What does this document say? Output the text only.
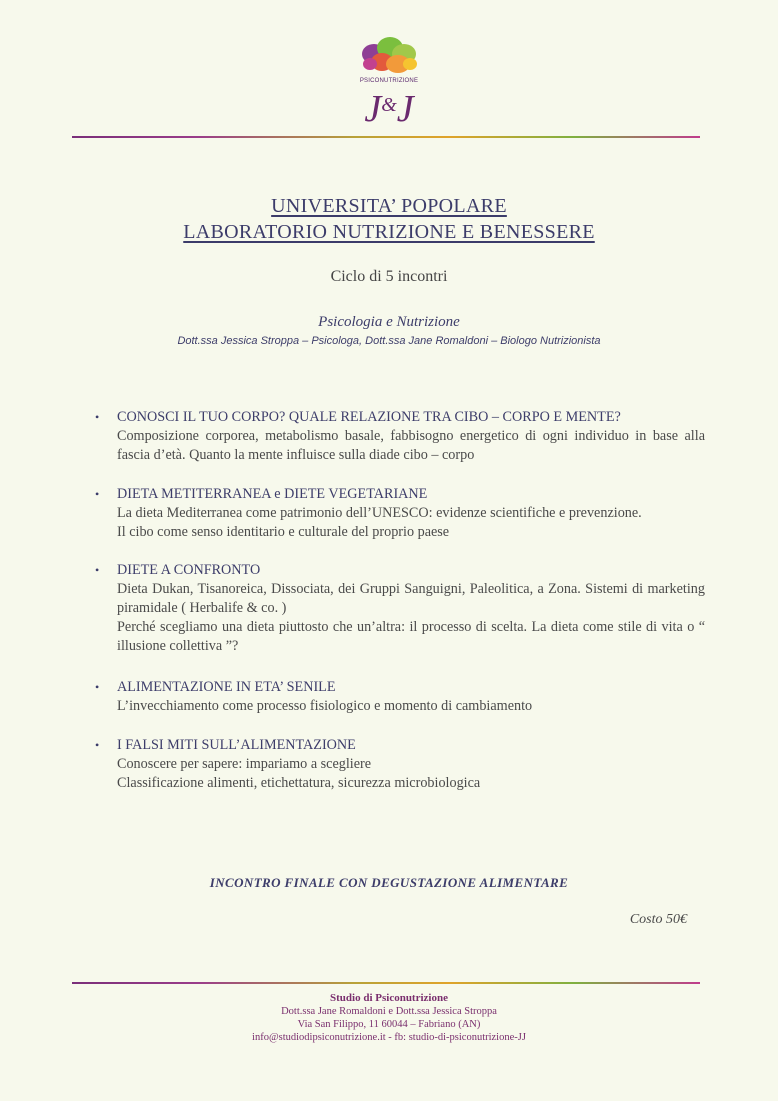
PSICONUTRIZIONE
J&J
UNIVERSITA’ POPOLARE
LABORATORIO NUTRIZIONE E BENESSERE
Ciclo di 5 incontri
Psicologia e Nutrizione
Dott.ssa Jessica Stroppa – Psicologa, Dott.ssa Jane Romaldoni – Biologo Nutrizionista
• CONOSCI IL TUO CORPO? QUALE RELAZIONE TRA CIBO – CORPO E MENTE?
Composizione corporea, metabolismo basale, fabbisogno energetico di ogni individuo in base alla fascia d’età. Quanto la mente influisce sulla diade cibo – corpo
• DIETA METITERRANEA e DIETE VEGETARIANE
La dieta Mediterranea come patrimonio dell’UNESCO: evidenze scientifiche e prevenzione.
Il cibo come senso identitario e culturale del proprio paese
• DIETE A CONFRONTO
Dieta Dukan, Tisanoreica, Dissociata, dei Gruppi Sanguigni, Paleolitica, a Zona. Sistemi di marketing piramidale ( Herbalife & co. )
Perché scegliamo una dieta piuttosto che un’altra: il processo di scelta. La dieta come stile di vita o “ illusione collettiva ”?
• ALIMENTAZIONE IN ETA’ SENILE
L’invecchiamento come processo fisiologico e momento di cambiamento
• I FALSI MITI SULL’ALIMENTAZIONE
Conoscere per sapere: impariamo a scegliere
Classificazione alimenti, etichettatura, sicurezza microbiologica
INCONTRO FINALE CON DEGUSTAZIONE ALIMENTARE
Costo 50€
Studio di Psiconutrizione
Dott.ssa Jane Romaldoni e Dott.ssa Jessica Stroppa
Via San Filippo, 11 60044 – Fabriano (AN)
info@studiodipsiconutrizione.it - fb: studio-di-psiconutrizione-JJ
